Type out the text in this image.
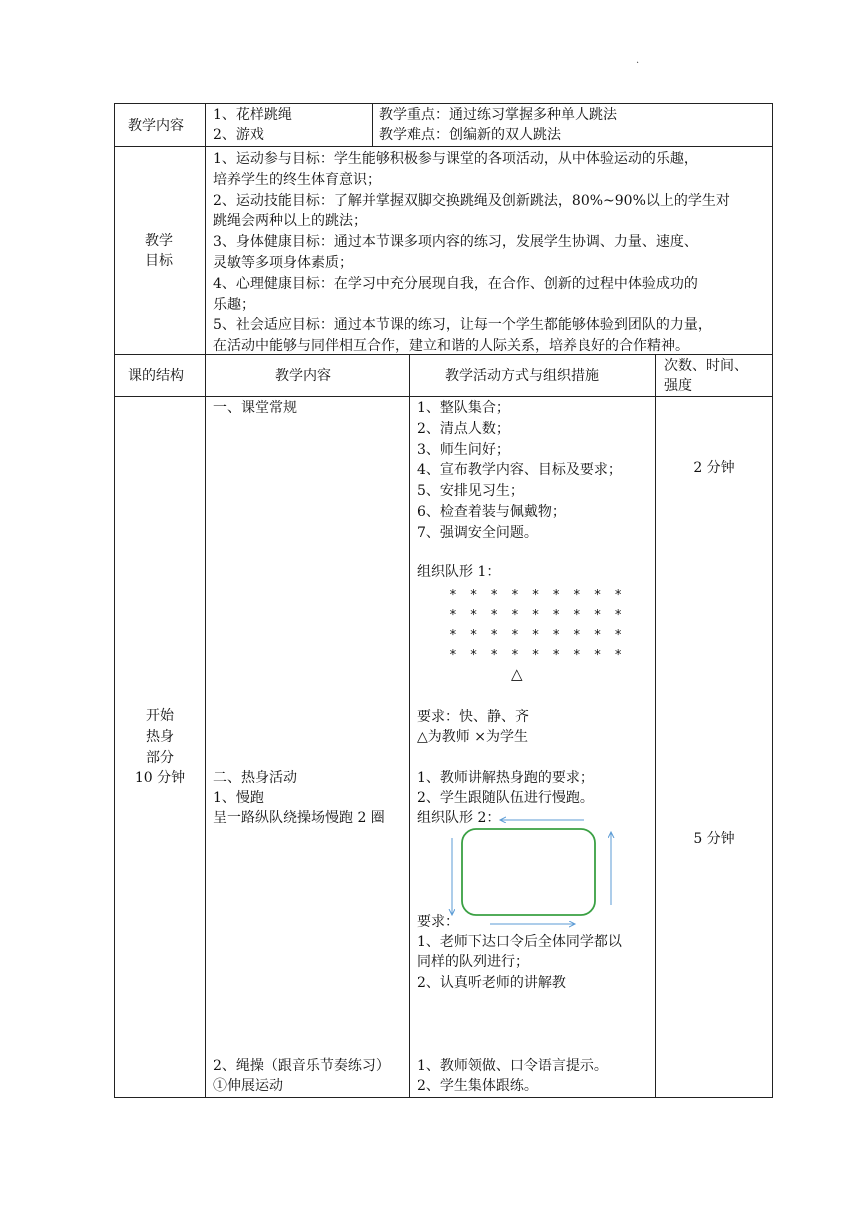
·
教学内容
1、花样跳绳
2、游戏
教学重点：通过练习掌握多种单人跳法
教学难点：创编新的双人跳法
教学
目标
1、运动参与目标：学生能够积极参与课堂的各项活动，从中体验运动的乐趣，
培养学生的终生体育意识；
2、运动技能目标：了解并掌握双脚交换跳绳及创新跳法，80%~90%以上的学生对
跳绳会两种以上的跳法；
3、身体健康目标：通过本节课多项内容的练习，发展学生协调、力量、速度、
灵敏等多项身体素质；
4、心理健康目标：在学习中充分展现自我，在合作、创新的过程中体验成功的
乐趣；
5、社会适应目标：通过本节课的练习，让每一个学生都能够体验到团队的力量，
在活动中能够与同伴相互合作，建立和谐的人际关系，培养良好的合作精神。
课的结构	教学内容	教学活动方式与组织措施
次数、时间、
强度
开始
热身
部分
10 分钟
一、课堂常规
二、热身活动
1、慢跑
呈一路纵队绕操场慢跑 2 圈
2、绳操（跟音乐节奏练习）
①伸展运动
1、整队集合；
2、清点人数；
3、师生问好；
4、宣布教学内容、目标及要求；
5、安排见习生；
6、检查着装与佩戴物；
7、强调安全问题。
组织队形 1：
* * * * * * * * *
* * * * * * * * *
* * * * * * * * *
* * * * * * * * *
△
要求：快、静、齐
△为教师 ×为学生
1、教师讲解热身跑的要求；
2、学生跟随队伍进行慢跑。
组织队形 2：
要求：
1、老师下达口令后全体同学都以
同样的队列进行；
2、认真听老师的讲解教
1、教师领做、口令语言提示。
2、学生集体跟练。
2 分钟
5 分钟
